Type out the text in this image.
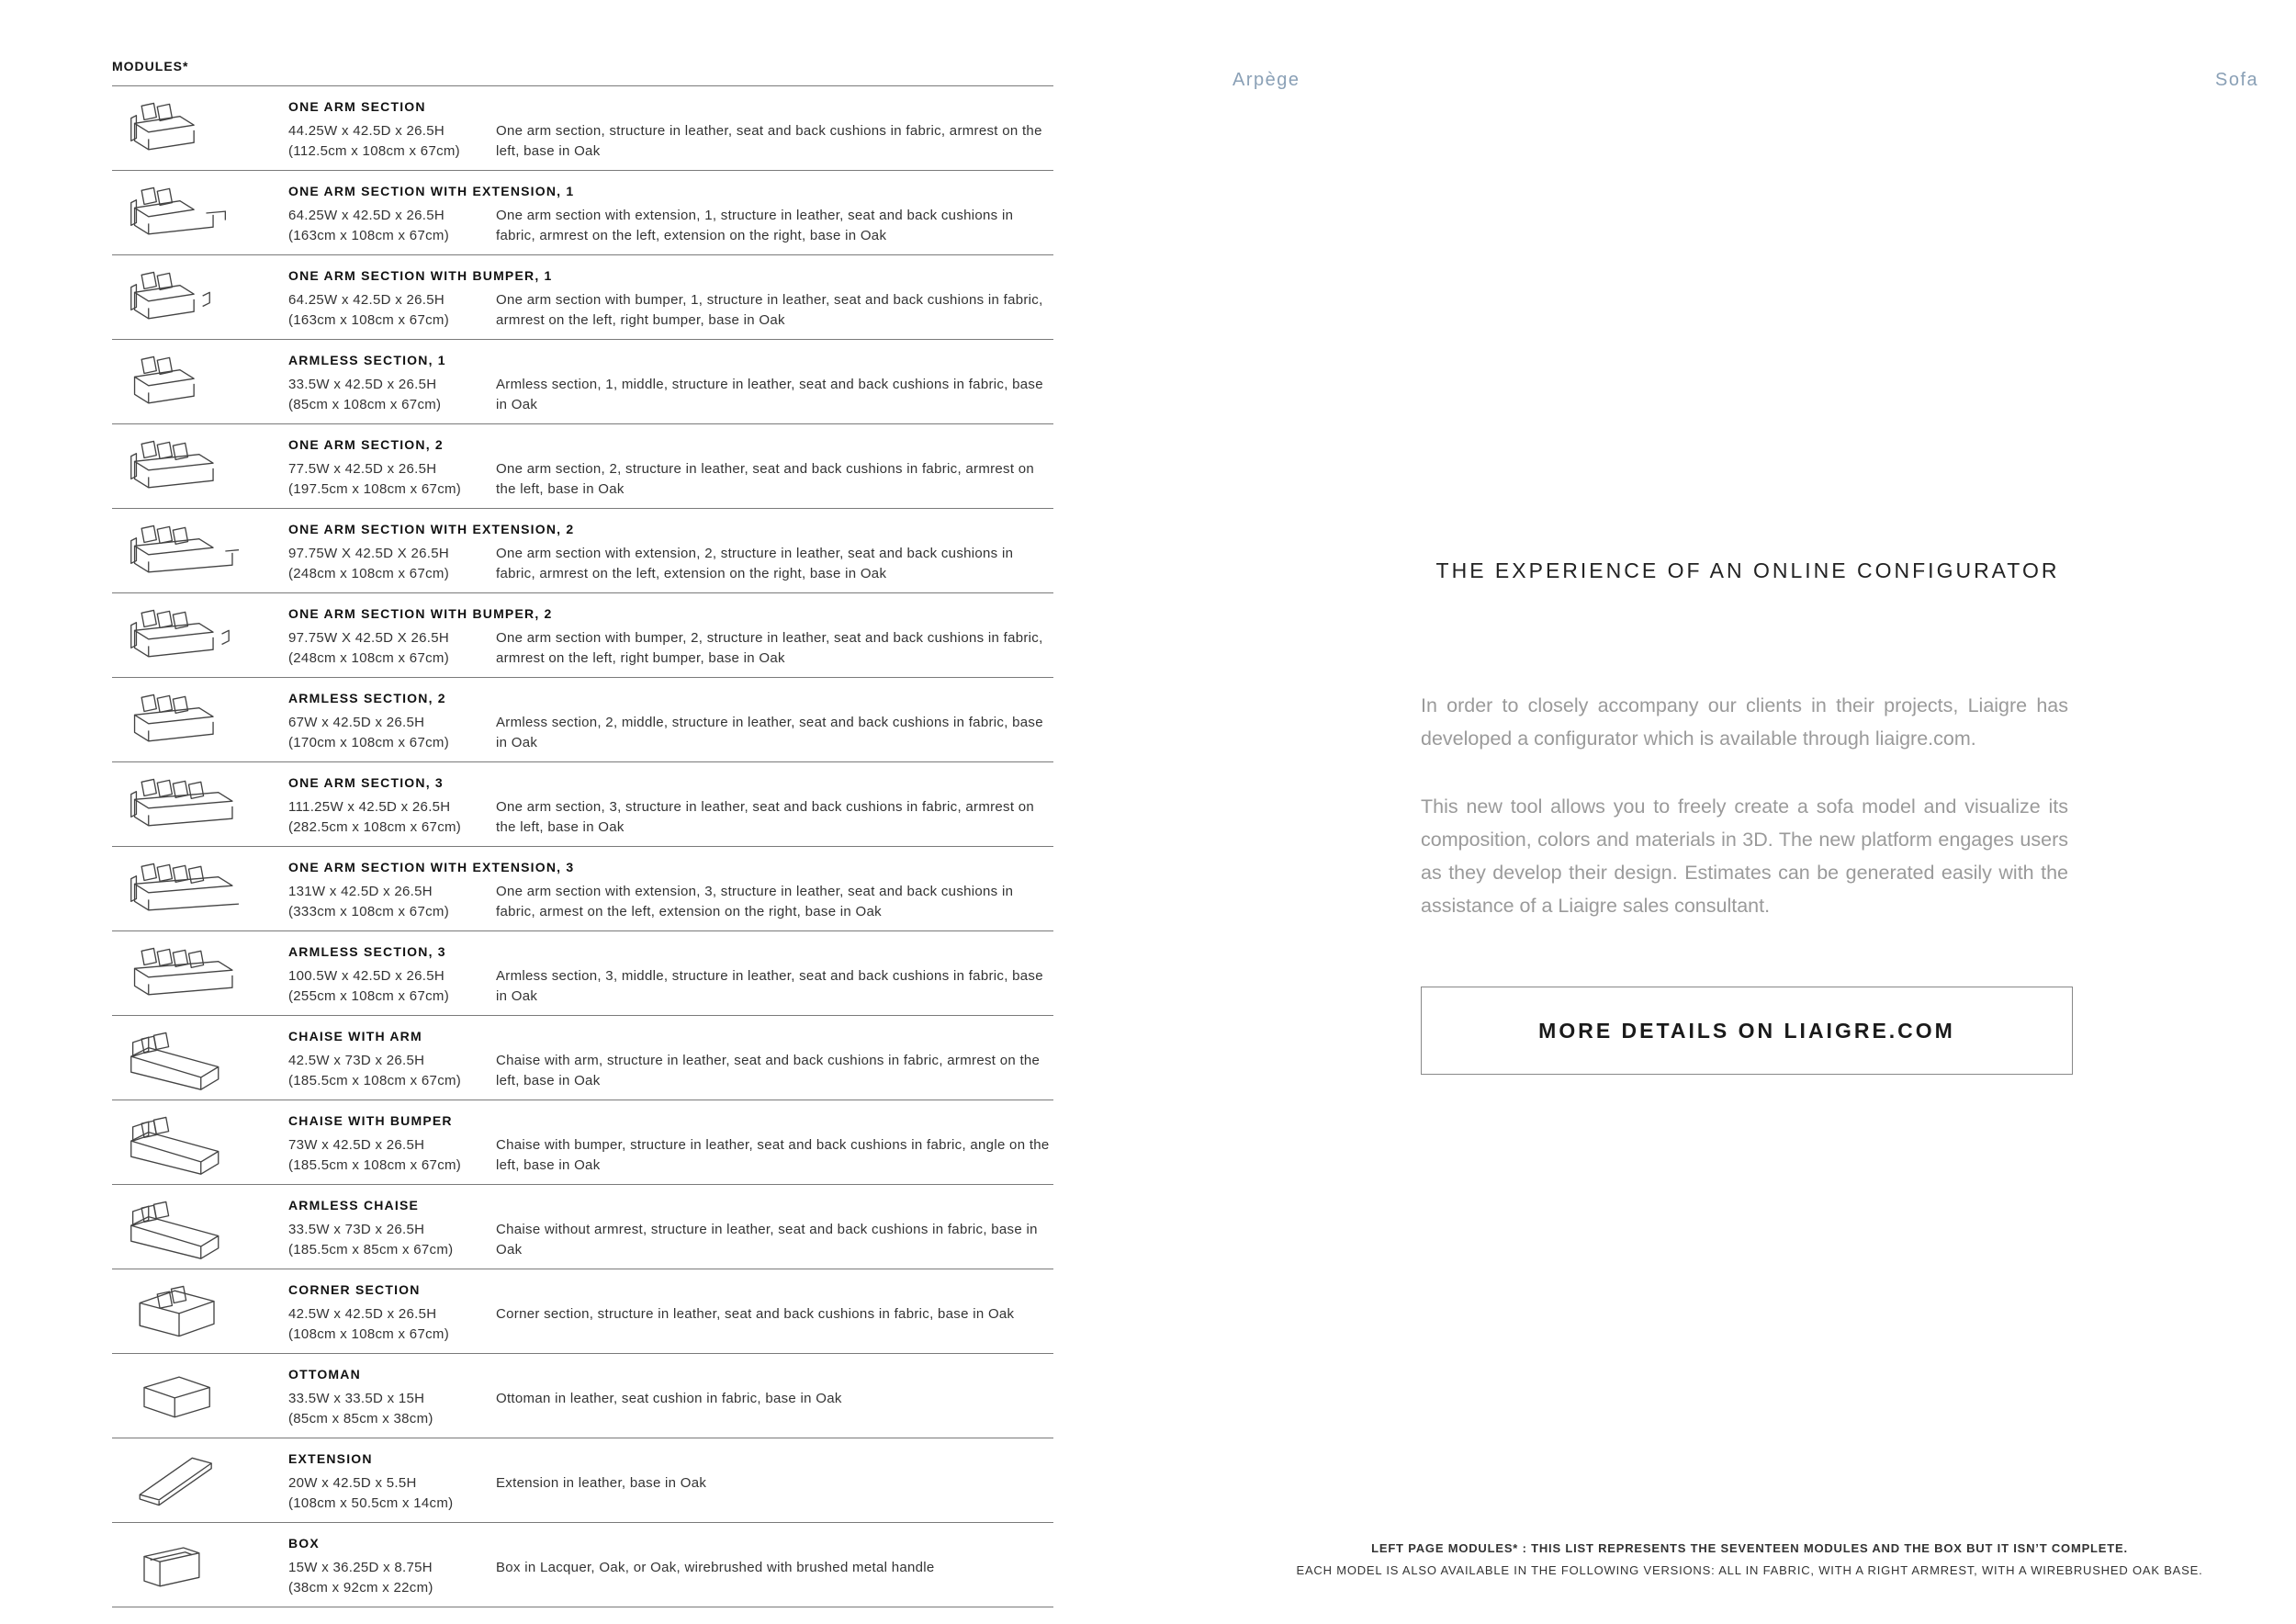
MODULES*
ONE ARM SECTION
44.25W x 42.5D x 26.5H
(112.5cm x 108cm x 67cm)
One arm section, structure in leather, seat and back cushions in fabric, armrest on the left, base in Oak
ONE ARM SECTION WITH EXTENSION, 1
64.25W x 42.5D x 26.5H
(163cm x 108cm x 67cm)
One arm section with extension, 1, structure in leather, seat and back cushions in fabric, armrest on the left, extension on the right, base in Oak
ONE ARM SECTION WITH BUMPER, 1
64.25W x 42.5D x 26.5H
(163cm x 108cm x 67cm)
One arm section with bumper, 1, structure in leather, seat and back cushions in fabric, armrest on the left, right bumper, base in Oak
ARMLESS SECTION, 1
33.5W x 42.5D x 26.5H
(85cm x 108cm x 67cm)
Armless section, 1, middle, structure in leather, seat and back cushions in fabric, base in Oak
ONE ARM SECTION, 2
77.5W x 42.5D x 26.5H
(197.5cm x 108cm x 67cm)
One arm section, 2, structure in leather, seat and back cushions in fabric, armrest on the left, base in Oak
ONE ARM SECTION WITH EXTENSION, 2
97.75W X 42.5D X 26.5H
(248cm x 108cm x 67cm)
One arm section with extension, 2, structure in leather, seat and back cushions in fabric, armrest on the left, extension on the right, base in Oak
ONE ARM SECTION WITH BUMPER, 2
97.75W X 42.5D X 26.5H
(248cm x 108cm x 67cm)
One arm section with bumper, 2, structure in leather, seat and back cushions in fabric, armrest on the left, right bumper, base in Oak
ARMLESS SECTION, 2
67W x 42.5D x 26.5H
(170cm x 108cm x 67cm)
Armless section, 2, middle, structure in leather, seat and back cushions in fabric, base in Oak
ONE ARM SECTION, 3
111.25W x 42.5D x 26.5H
(282.5cm x 108cm x 67cm)
One arm section, 3, structure in leather, seat and back cushions in fabric, armrest on the left, base in Oak
ONE ARM SECTION WITH EXTENSION, 3
131W x 42.5D x 26.5H
(333cm x 108cm x 67cm)
One arm section with extension, 3, structure in leather, seat and back cushions in fabric, armest on the left, extension on the right, base in Oak
ARMLESS SECTION, 3
100.5W x 42.5D x 26.5H
(255cm x 108cm x 67cm)
Armless section, 3, middle, structure in leather, seat and back cushions in fabric, base in Oak
CHAISE WITH ARM
42.5W x 73D x 26.5H
(185.5cm x 108cm x 67cm)
Chaise with arm, structure in leather, seat and back cushions in fabric, armrest on the left, base in Oak
CHAISE WITH BUMPER
73W x 42.5D x 26.5H
(185.5cm x 108cm x 67cm)
Chaise with bumper, structure in leather, seat and back cushions in fabric, angle on the left, base in Oak
ARMLESS CHAISE
33.5W x 73D x 26.5H
(185.5cm x 85cm x 67cm)
Chaise without armrest, structure in leather, seat and back cushions in fabric, base in Oak
CORNER SECTION
42.5W x 42.5D x 26.5H
(108cm x 108cm x 67cm)
Corner section, structure in leather, seat and back cushions in fabric, base in Oak
OTTOMAN
33.5W x 33.5D x 15H
(85cm x 85cm x 38cm)
Ottoman in leather, seat cushion in fabric, base in Oak
EXTENSION
20W x 42.5D x 5.5H
(108cm x 50.5cm x 14cm)
Extension in leather, base in Oak
BOX
15W x 36.25D x 8.75H
(38cm x 92cm x 22cm)
Box in Lacquer, Oak, or Oak, wirebrushed with brushed metal handle
Arpège	Sofa
THE EXPERIENCE OF AN ONLINE CONFIGURATOR

In order to closely accompany our clients in their projects, Liaigre has developed a configurator which is available through liaigre.com.

This new tool allows you to freely create a sofa model and visualize its composition, colors and materials in 3D. The new platform engages users as they develop their design. Estimates can be generated easily with the assistance of a Liaigre sales consultant.

MORE DETAILS ON LIAIGRE.COM
LEFT PAGE MODULES* : THIS LIST REPRESENTS THE SEVENTEEN MODULES AND THE BOX BUT IT ISN’T COMPLETE.
EACH MODEL IS ALSO AVAILABLE IN THE FOLLOWING VERSIONS: ALL IN FABRIC, WITH A RIGHT ARMREST, WITH A WIREBRUSHED OAK BASE.
